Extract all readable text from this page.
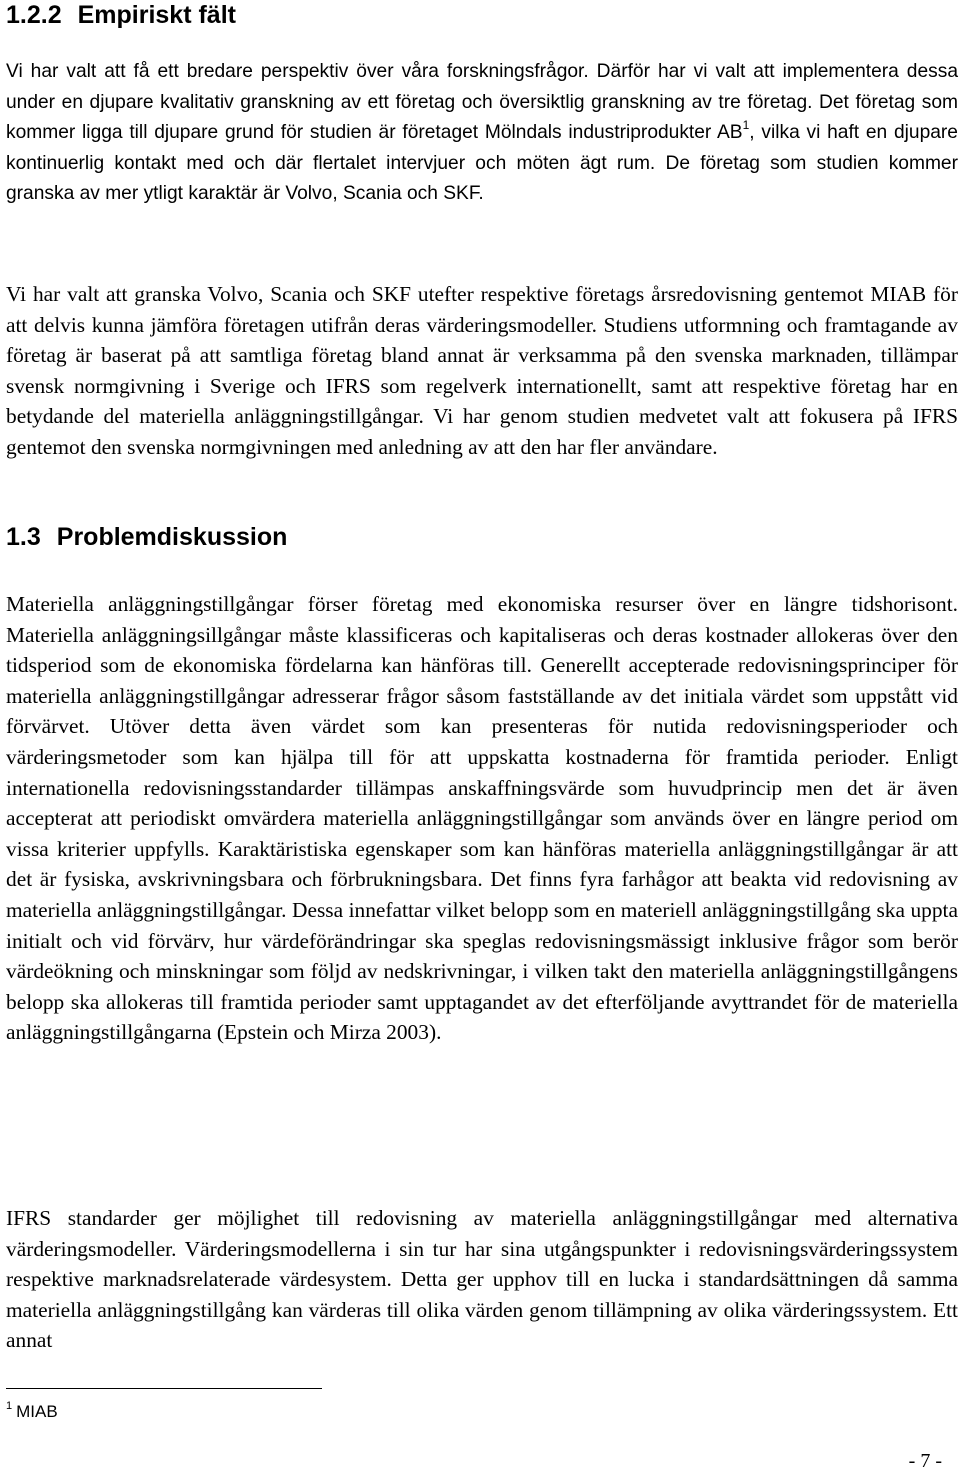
1.2.2 Empiriskt fält

Vi har valt att få ett bredare perspektiv över våra forskningsfrågor. Därför har vi valt att implementera dessa under en djupare kvalitativ granskning av ett företag och översiktlig granskning av tre företag. Det företag som kommer ligga till djupare grund för studien är företaget Mölndals industriprodukter $AB^1$, vilka vi haft en djupare kontinuerlig kontakt med och där flertalet intervjuer och möten ägt rum. De företag som studien kommer granska av mer ytligt karaktär är Volvo, Scania och SKF.

Vi har valt att granska Volvo, Scania och SKF utefter respektive företags årsredovisning gentemot MIAB för att delvis kunna jämföra företagen utifrån deras värderingsmodeller. Studiens utformning och framtagande av företag är baserat på att samtliga företag bland annat är verksamma på den svenska marknaden, tillämpar svensk normgivning i Sverige och IFRS som regelverk internationellt, samt att respektive företag har en betydande del materiella anläggningstillgångar. Vi har genom studien medvetet valt att fokusera på IFRS gentemot den svenska normgivningen med anledning av att den har fler användare.

1.3 Problemdiskussion

Materiella anläggningstillgångar förser företag med ekonomiska resurser över en längre tidshorisont. Materiella anläggningsillgångar måste klassificeras och kapitaliseras och deras kostnader allokeras över den tidsperiod som de ekonomiska fördelarna kan hänföras till. Generellt accepterade redovisningsprinciper för materiella anläggningstillgångar adresserar frågor såsom fastställande av det initiala värdet som uppstått vid förvärvet. Utöver detta även värdet som kan presenteras för nutida redovisningsperioder och värderingsmetoder som kan hjälpa till för att uppskatta kostnaderna för framtida perioder. Enligt internationella redovisningsstandarder tillämpas anskaffningsvärde som huvudprincip men det är även accepterat att periodiskt omvärdera materiella anläggningstillgångar som används över en längre period om vissa kriterier uppfylls. Karaktäristiska egenskaper som kan hänföras materiella anläggningstillgångar är att det är fysiska, avskrivningsbara och förbrukningsbara. Det finns fyra farhågor att beakta vid redovisning av materiella anläggningstillgångar. Dessa innefattar vilket belopp som en materiell anläggningstillgång ska uppta initialt och vid förvärv, hur värdeförändringar ska speglas redovisningsmässigt inklusive frågor som berör värdeökning och minskningar som följd av nedskrivningar, i vilken takt den materiella anläggningstillgångens belopp ska allokeras till framtida perioder samt upptagandet av det efterföljande avyttrandet för de materiella anläggningstillgångarna (Epstein och Mirza 2003).

IFRS standarder ger möjlighet till redovisning av materiella anläggningstillgångar med alternativa värderingsmodeller. Värderingsmodellerna i sin tur har sina utgångspunkter i redovisningsvärderingssystem respektive marknadsrelaterade värdesystem. Detta ger upphov till en lucka i standardsättningen då samma materiella anläggningstillgång kan värderas till olika värden genom tillämpning av olika värderingssystem. Ett annat

$^1$ MIAB
- 7 -
